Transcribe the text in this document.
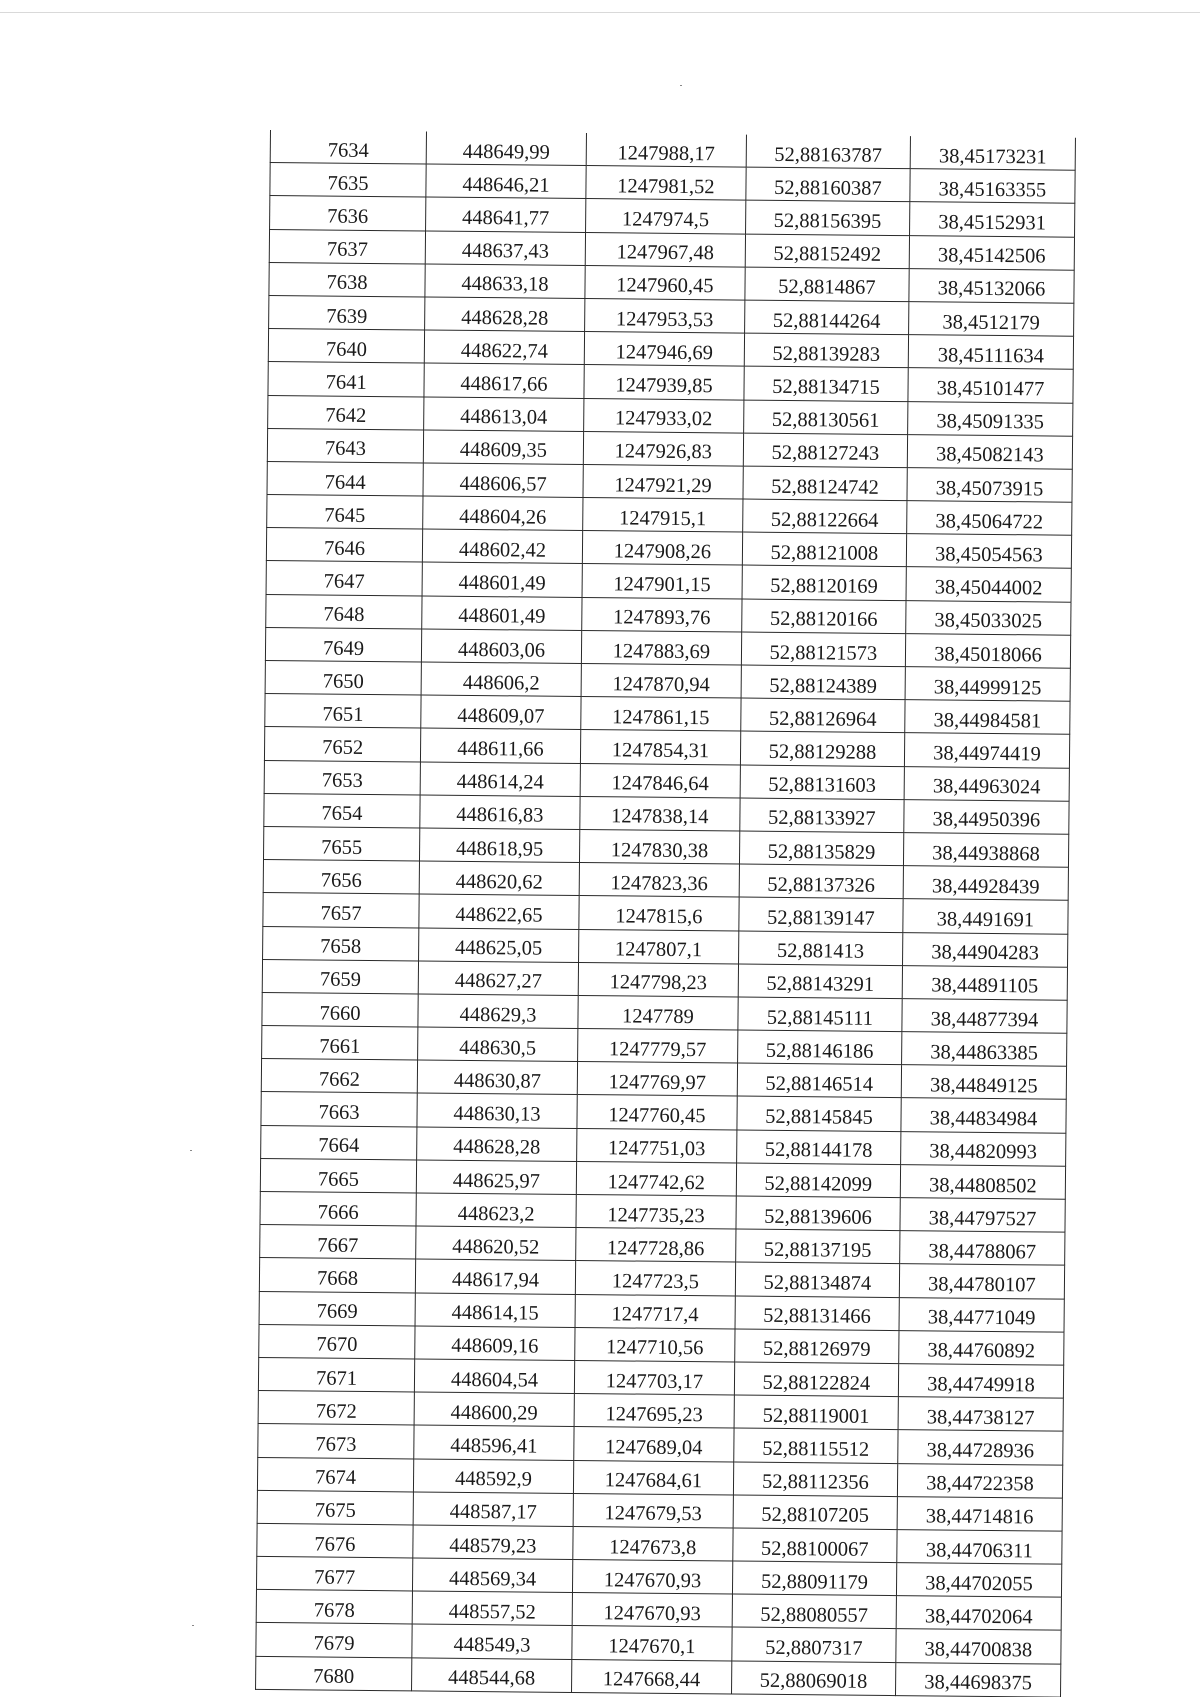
7634	448649,99	1247988,17	52,88163787	38,45173231
7635	448646,21	1247981,52	52,88160387	38,45163355
7636	448641,77	1247974,5	52,88156395	38,45152931
7637	448637,43	1247967,48	52,88152492	38,45142506
7638	448633,18	1247960,45	52,8814867	38,45132066
7639	448628,28	1247953,53	52,88144264	38,4512179
7640	448622,74	1247946,69	52,88139283	38,45111634
7641	448617,66	1247939,85	52,88134715	38,45101477
7642	448613,04	1247933,02	52,88130561	38,45091335
7643	448609,35	1247926,83	52,88127243	38,45082143
7644	448606,57	1247921,29	52,88124742	38,45073915
7645	448604,26	1247915,1	52,88122664	38,45064722
7646	448602,42	1247908,26	52,88121008	38,45054563
7647	448601,49	1247901,15	52,88120169	38,45044002
7648	448601,49	1247893,76	52,88120166	38,45033025
7649	448603,06	1247883,69	52,88121573	38,45018066
7650	448606,2	1247870,94	52,88124389	38,44999125
7651	448609,07	1247861,15	52,88126964	38,44984581
7652	448611,66	1247854,31	52,88129288	38,44974419
7653	448614,24	1247846,64	52,88131603	38,44963024
7654	448616,83	1247838,14	52,88133927	38,44950396
7655	448618,95	1247830,38	52,88135829	38,44938868
7656	448620,62	1247823,36	52,88137326	38,44928439
7657	448622,65	1247815,6	52,88139147	38,4491691
7658	448625,05	1247807,1	52,881413	38,44904283
7659	448627,27	1247798,23	52,88143291	38,44891105
7660	448629,3	1247789	52,88145111	38,44877394
7661	448630,5	1247779,57	52,88146186	38,44863385
7662	448630,87	1247769,97	52,88146514	38,44849125
7663	448630,13	1247760,45	52,88145845	38,44834984
7664	448628,28	1247751,03	52,88144178	38,44820993
7665	448625,97	1247742,62	52,88142099	38,44808502
7666	448623,2	1247735,23	52,88139606	38,44797527
7667	448620,52	1247728,86	52,88137195	38,44788067
7668	448617,94	1247723,5	52,88134874	38,44780107
7669	448614,15	1247717,4	52,88131466	38,44771049
7670	448609,16	1247710,56	52,88126979	38,44760892
7671	448604,54	1247703,17	52,88122824	38,44749918
7672	448600,29	1247695,23	52,88119001	38,44738127
7673	448596,41	1247689,04	52,88115512	38,44728936
7674	448592,9	1247684,61	52,88112356	38,44722358
7675	448587,17	1247679,53	52,88107205	38,44714816
7676	448579,23	1247673,8	52,88100067	38,44706311
7677	448569,34	1247670,93	52,88091179	38,44702055
7678	448557,52	1247670,93	52,88080557	38,44702064
7679	448549,3	1247670,1	52,8807317	38,44700838
7680	448544,68	1247668,44	52,88069018	38,44698375
